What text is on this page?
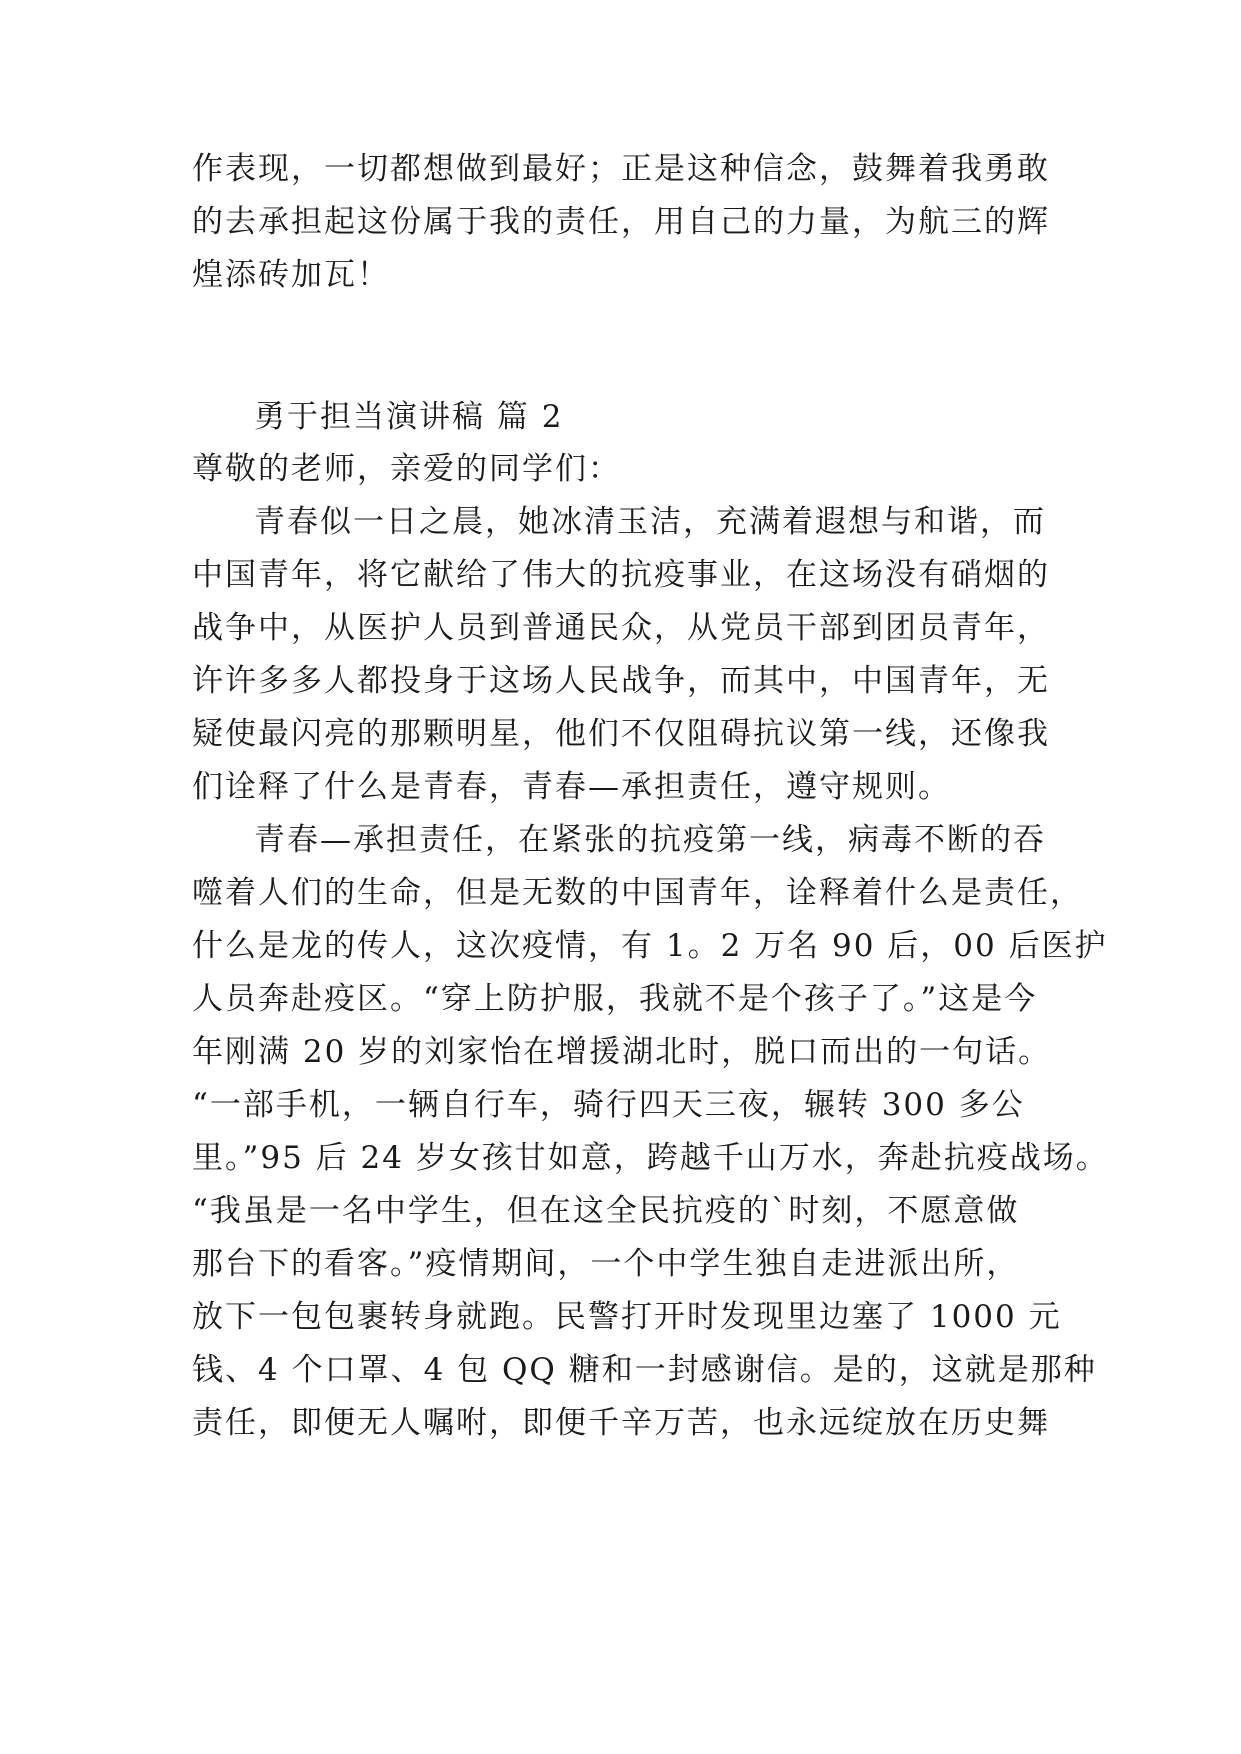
作表现，一切都想做到最好；正是这种信念，鼓舞着我勇敢
的去承担起这份属于我的责任，用自己的力量，为航三的辉
煌添砖加瓦！
勇于担当演讲稿 篇 2
尊敬的老师，亲爱的同学们：
青春似一日之晨，她冰清玉洁，充满着遐想与和谐，而
中国青年，将它献给了伟大的抗疫事业，在这场没有硝烟的
战争中，从医护人员到普通民众，从党员干部到团员青年，
许许多多人都投身于这场人民战争，而其中，中国青年，无
疑使最闪亮的那颗明星，他们不仅阻碍抗议第一线，还像我
们诠释了什么是青春，青春—承担责任，遵守规则。
青春—承担责任，在紧张的抗疫第一线，病毒不断的吞
噬着人们的生命，但是无数的中国青年，诠释着什么是责任，
什么是龙的传人，这次疫情，有 1。2 万名 90 后，00 后医护
人员奔赴疫区。“穿上防护服，我就不是个孩子了。”这是今
年刚满 20 岁的刘家怡在增援湖北时，脱口而出的一句话。
“一部手机，一辆自行车，骑行四天三夜，辗转 300 多公
里。”95 后 24 岁女孩甘如意，跨越千山万水，奔赴抗疫战场。
“我虽是一名中学生，但在这全民抗疫的`时刻，不愿意做
那台下的看客。”疫情期间，一个中学生独自走进派出所，
放下一包包裹转身就跑。民警打开时发现里边塞了 1000 元
钱、4 个口罩、4 包 QQ 糖和一封感谢信。是的，这就是那种
责任，即便无人嘱咐，即便千辛万苦，也永远绽放在历史舞
